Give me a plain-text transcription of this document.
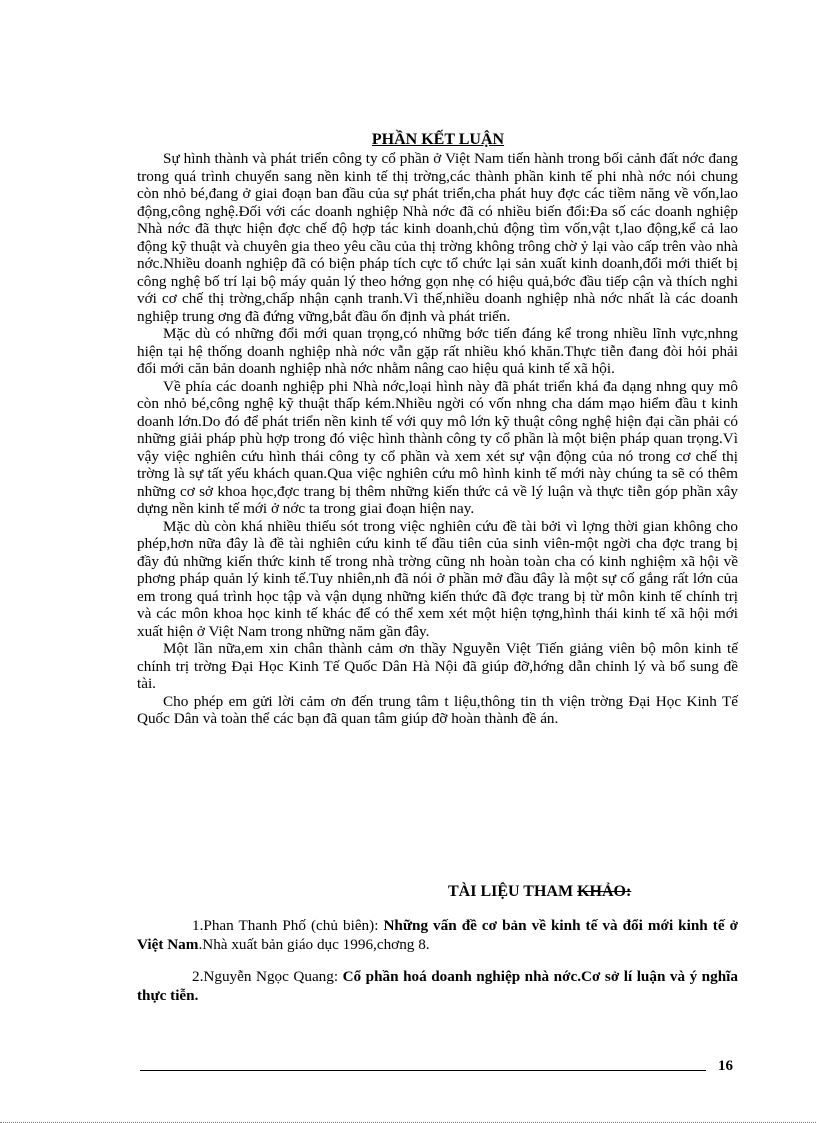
PHẦN KẾT LUẬN

Sự hình thành và phát triển công ty cổ phần ở Việt Nam tiến hành trong bối cảnh đất nớc đang trong quá trình chuyển sang nền kinh tế thị trờng,các thành phần kinh tế phi nhà nớc nói chung còn nhỏ bé,đang ở giai đoạn ban đầu của sự phát triển,cha phát huy đợc các tiềm năng về vốn,lao động,công nghệ.Đối với các doanh nghiệp Nhà nớc đã có nhiều biến đổi:Đa số các doanh nghiệp Nhà nớc đã thực hiện đợc chế độ hợp tác kinh doanh,chủ động tìm vốn,vật t,lao động,kể cả lao động kỹ thuật và chuyên gia theo yêu cầu của thị trờng không trông chờ ỷ lại vào cấp trên vào nhà nớc.Nhiều doanh nghiệp đã có biện pháp tích cực tổ chức lại sản xuất kinh doanh,đổi mới thiết bị công nghệ bố trí lại bộ máy quản lý theo hớng gọn nhẹ có hiệu quả,bớc đầu tiếp cận và thích nghi với cơ chế thị trờng,chấp nhận cạnh tranh.Vì thế,nhiều doanh nghiệp nhà nớc nhất là các doanh nghiệp trung ơng đã đứng vững,bắt đầu ổn định và phát triển.

Mặc dù có những đổi mới quan trọng,có những bớc tiến đáng kể trong nhiều lĩnh vực,nhng hiện tại hệ thống doanh nghiệp nhà nớc vẫn gặp rất nhiều khó khăn.Thực tiễn đang đòi hỏi phải đổi mới căn bản doanh nghiệp nhà nớc nhằm nâng cao hiệu quả kinh tế xã hội.

Về phía các doanh nghiệp phi Nhà nớc,loại hình này đã phát triển khá đa dạng nhng quy mô còn nhỏ bé,công nghệ kỹ thuật thấp kém.Nhiều ngời có vốn nhng cha dám mạo hiểm đầu t kinh doanh lớn.Do đó để phát triển nền kinh tế với quy mô lớn kỹ thuật công nghệ hiện đại cần phải có những giải pháp phù hợp trong đó việc hình thành công ty cổ phần là một biện pháp quan trọng.Vì vậy việc nghiên cứu hình thái công ty cổ phần và xem xét sự vận động của nó trong cơ chế thị trờng là sự tất yếu khách quan.Qua việc nghiên cứu mô hình kinh tế mới này chúng ta sẽ có thêm những cơ sở khoa học,đợc trang bị thêm những kiến thức cả về lý luận và thực tiễn góp phần xây dựng nền kinh tế mới ở nớc ta trong giai đoạn hiện nay.

Mặc dù còn khá nhiều thiếu sót trong việc nghiên cứu đề tài bởi vì lợng thời gian không cho phép,hơn nữa đây là đề tài nghiên cứu kinh tế đầu tiên của sinh viên-một ngời cha đợc trang bị đầy đủ những kiến thức kinh tế trong nhà trờng cũng nh hoàn toàn cha có kinh nghiệm xã hội về phơng pháp quản lý kinh tế.Tuy nhiên,nh đã nói ở phần mở đầu đây là một sự cố gắng rất lớn của em trong quá trình học tập và vận dụng những kiến thức đã đợc trang bị từ môn kinh tế chính trị và các môn khoa học kinh tế khác để có thể xem xét một hiện tợng,hình thái kinh tế xã hội mới xuất hiện ở Việt Nam trong những năm gần đây.

Một lần nữa,em xin chân thành cảm ơn thầy Nguyễn Việt Tiến giảng viên bộ môn kinh tế chính trị trờng Đại Học Kinh Tế Quốc Dân Hà Nội đã giúp đỡ,hớng dẫn chỉnh lý và bổ sung đề tài.

Cho phép em gửi lời cảm ơn đến trung tâm t liệu,thông tin th viện trờng Đại Học Kinh Tế Quốc Dân và toàn thể các bạn đã quan tâm giúp đỡ hoàn thành đề án.

TÀI LIỆU THAM KHẢO:
1.Phan Thanh Phố (chủ biên): Những vấn đề cơ bản về kinh tế và đổi mới kinh tế ở Việt Nam.Nhà xuất bản giáo dục 1996,chơng 8.
2.Nguyễn Ngọc Quang: Cổ phần hoá doanh nghiệp nhà nớc.Cơ sở lí luận và ý nghĩa thực tiễn.
16
